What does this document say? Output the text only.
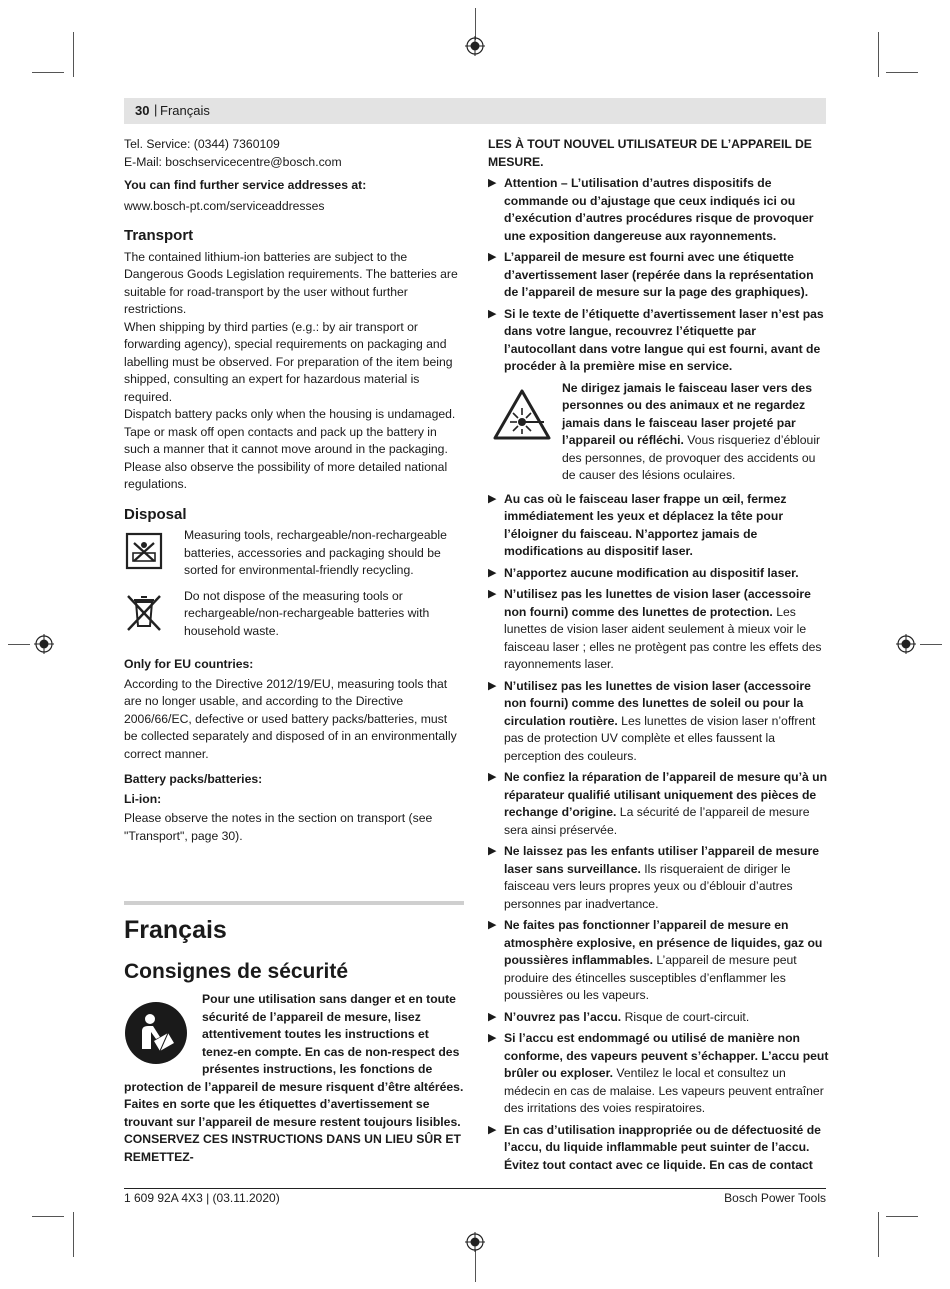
30 | Français

Tel. Service: (0344) 7360109

E-Mail: boschservicecentre@bosch.com

You can find further service addresses at:

www.bosch-pt.com/serviceaddresses

Transport

The contained lithium-ion batteries are subject to the Dangerous Goods Legislation requirements. The batteries are suitable for road-transport by the user without further restrictions.

When shipping by third parties (e.g.: by air transport or forwarding agency), special requirements on packaging and labelling must be observed. For preparation of the item being shipped, consulting an expert for hazardous material is required.

Dispatch battery packs only when the housing is undamaged. Tape or mask off open contacts and pack up the battery in such a manner that it cannot move around in the packaging. Please also observe the possibility of more detailed national regulations.

Disposal

Measuring tools, rechargeable/non-rechargeable batteries, accessories and packaging should be sorted for environmental-friendly recycling.

Do not dispose of the measuring tools or rechargeable/non-rechargeable batteries with household waste.

Only for EU countries:

According to the Directive 2012/19/EU, measuring tools that are no longer usable, and according to the Directive 2006/66/EC, defective or used battery packs/batteries, must be collected separately and disposed of in an environmentally correct manner.

Battery packs/batteries:

Li-ion:

Please observe the notes in the section on transport (see "Transport", page 30).

Français
Consignes de sécurité

Pour une utilisation sans danger et en toute sécurité de l’appareil de mesure, lisez attentivement toutes les instructions et tenez-en compte. En cas de non-respect des présentes instructions, les fonctions de protection de l’appareil de mesure risquent d’être altérées. Faites en sorte que les étiquettes d’avertissement se trouvant sur l’appareil de mesure restent toujours lisibles. CONSERVEZ CES INSTRUCTIONS DANS UN LIEU SÛR ET REMETTEZ-

LES À TOUT NOUVEL UTILISATEUR DE L’APPAREIL DE MESURE.

▶ Attention – L’utilisation d’autres dispositifs de commande ou d’ajustage que ceux indiqués ici ou d’exécution d’autres procédures risque de provoquer une exposition dangereuse aux rayonnements.
▶ L’appareil de mesure est fourni avec une étiquette d’avertissement laser (repérée dans la représentation de l’appareil de mesure sur la page des graphiques).
▶ Si le texte de l’étiquette d’avertissement laser n’est pas dans votre langue, recouvrez l’étiquette par l’autocollant dans votre langue qui est fourni, avant de procéder à la première mise en service.

Ne dirigez jamais le faisceau laser vers des personnes ou des animaux et ne regardez jamais dans le faisceau laser projeté par l’appareil ou réfléchi. Vous risqueriez d’éblouir des personnes, de provoquer des accidents ou de causer des lésions oculaires.

▶ Au cas où le faisceau laser frappe un œil, fermez immédiatement les yeux et déplacez la tête pour l’éloigner du faisceau. N’apportez jamais de modifications au dispositif laser.
▶ N’apportez aucune modification au dispositif laser.
▶ N’utilisez pas les lunettes de vision laser (accessoire non fourni) comme des lunettes de protection. Les lunettes de vision laser aident seulement à mieux voir le faisceau laser ; elles ne protègent pas contre les effets des rayonnements laser.
▶ N’utilisez pas les lunettes de vision laser (accessoire non fourni) comme des lunettes de soleil ou pour la circulation routière. Les lunettes de vision laser n’offrent pas de protection UV complète et elles faussent la perception des couleurs.
▶ Ne confiez la réparation de l’appareil de mesure qu’à un réparateur qualifié utilisant uniquement des pièces de rechange d’origine. La sécurité de l’appareil de mesure sera ainsi préservée.
▶ Ne laissez pas les enfants utiliser l’appareil de mesure laser sans surveillance. Ils risqueraient de diriger le faisceau vers leurs propres yeux ou d’éblouir d’autres personnes par inadvertance.
▶ Ne faites pas fonctionner l’appareil de mesure en atmosphère explosive, en présence de liquides, gaz ou poussières inflammables. L’appareil de mesure peut produire des étincelles susceptibles d’enflammer les poussières ou les vapeurs.
▶ N’ouvrez pas l’accu. Risque de court-circuit.
▶ Si l’accu est endommagé ou utilisé de manière non conforme, des vapeurs peuvent s’échapper. L’accu peut brûler ou exploser. Ventilez le local et consultez un médecin en cas de malaise. Les vapeurs peuvent entraîner des irritations des voies respiratoires.
▶ En cas d’utilisation inappropriée ou de défectuosité de l’accu, du liquide inflammable peut suinter de l’accu. Évitez tout contact avec ce liquide. En cas de contact
1 609 92A 4X3 | (03.11.2020)	Bosch Power Tools
